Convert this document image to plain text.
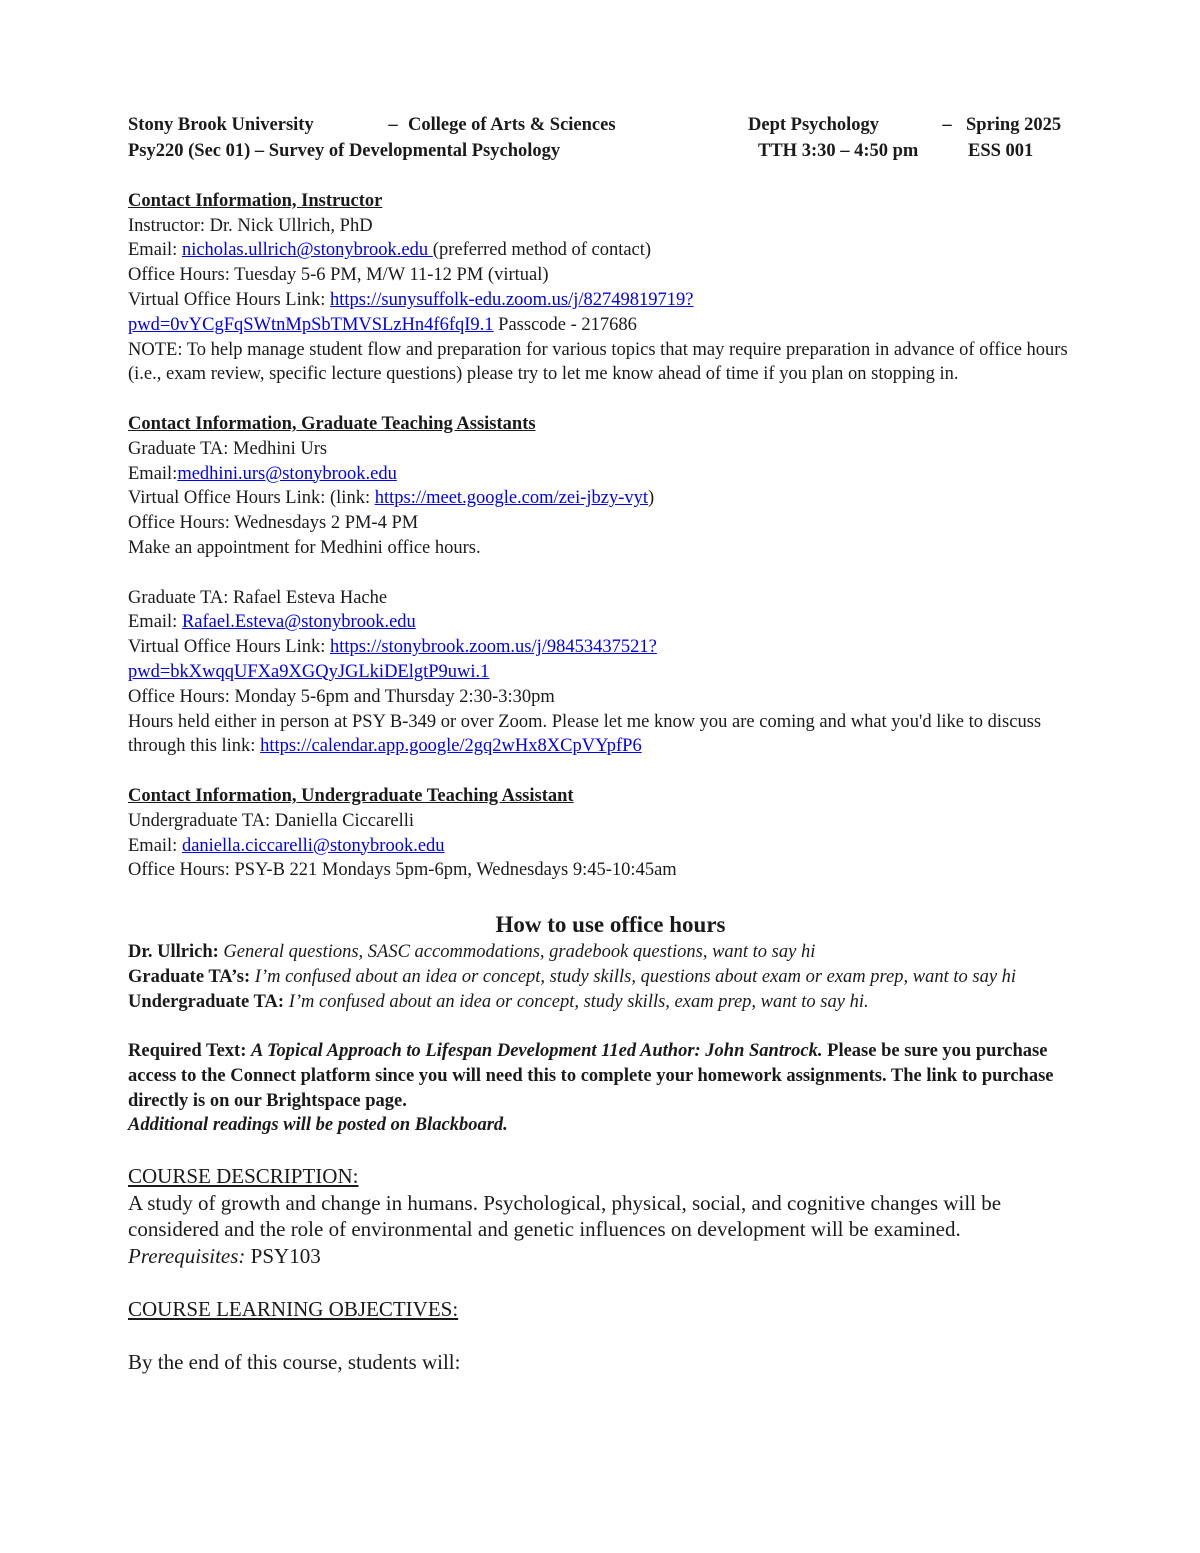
Stony Brook University	– College of Arts & Sciences	Dept Psychology	– Spring 2025
Psy220 (Sec 01) – Survey of Developmental Psychology	TTH 3:30 – 4:50 pm	ESS 001
Contact Information, Instructor
Instructor: Dr. Nick Ullrich, PhD
Email: nicholas.ullrich@stonybrook.edu (preferred method of contact)
Office Hours: Tuesday 5-6 PM, M/W 11-12 PM (virtual)
Virtual Office Hours Link: https://sunysuffolk-edu.zoom.us/j/82749819719?
pwd=0vYCgFqSWtnMpSbTMVSLzHn4f6fqI9.1 Passcode - 217686
NOTE: To help manage student flow and preparation for various topics that may require preparation in advance of office hours (i.e., exam review, specific lecture questions) please try to let me know ahead of time if you plan on stopping in.
Contact Information, Graduate Teaching Assistants
Graduate TA: Medhini Urs
Email:medhini.urs@stonybrook.edu
Virtual Office Hours Link: (link: https://meet.google.com/zei-jbzy-vyt)
Office Hours: Wednesdays 2 PM-4 PM
Make an appointment for Medhini office hours.
Graduate TA: Rafael Esteva Hache
Email: Rafael.Esteva@stonybrook.edu
Virtual Office Hours Link: https://stonybrook.zoom.us/j/98453437521?
pwd=bkXwqqUFXa9XGQyJGLkiDElgtP9uwi.1
Office Hours: Monday 5-6pm and Thursday 2:30-3:30pm
Hours held either in person at PSY B-349 or over Zoom. Please let me know you are coming and what you'd like to discuss through this link: https://calendar.app.google/2gq2wHx8XCpVYpfP6
Contact Information, Undergraduate Teaching Assistant
Undergraduate TA: Daniella Ciccarelli
Email: daniella.ciccarelli@stonybrook.edu
Office Hours: PSY-B 221 Mondays 5pm-6pm, Wednesdays 9:45-10:45am
How to use office hours
Dr. Ullrich: General questions, SASC accommodations, gradebook questions, want to say hi
Graduate TA’s: I’m confused about an idea or concept, study skills, questions about exam or exam prep, want to say hi
Undergraduate TA: I’m confused about an idea or concept, study skills, exam prep, want to say hi.
Required Text: A Topical Approach to Lifespan Development 11ed Author: John Santrock. Please be sure you purchase access to the Connect platform since you will need this to complete your homework assignments. The link to purchase directly is on our Brightspace page.
Additional readings will be posted on Blackboard.
COURSE DESCRIPTION:
A study of growth and change in humans. Psychological, physical, social, and cognitive changes will be considered and the role of environmental and genetic influences on development will be examined.
Prerequisites: PSY103
COURSE LEARNING OBJECTIVES:
By the end of this course, students will:
